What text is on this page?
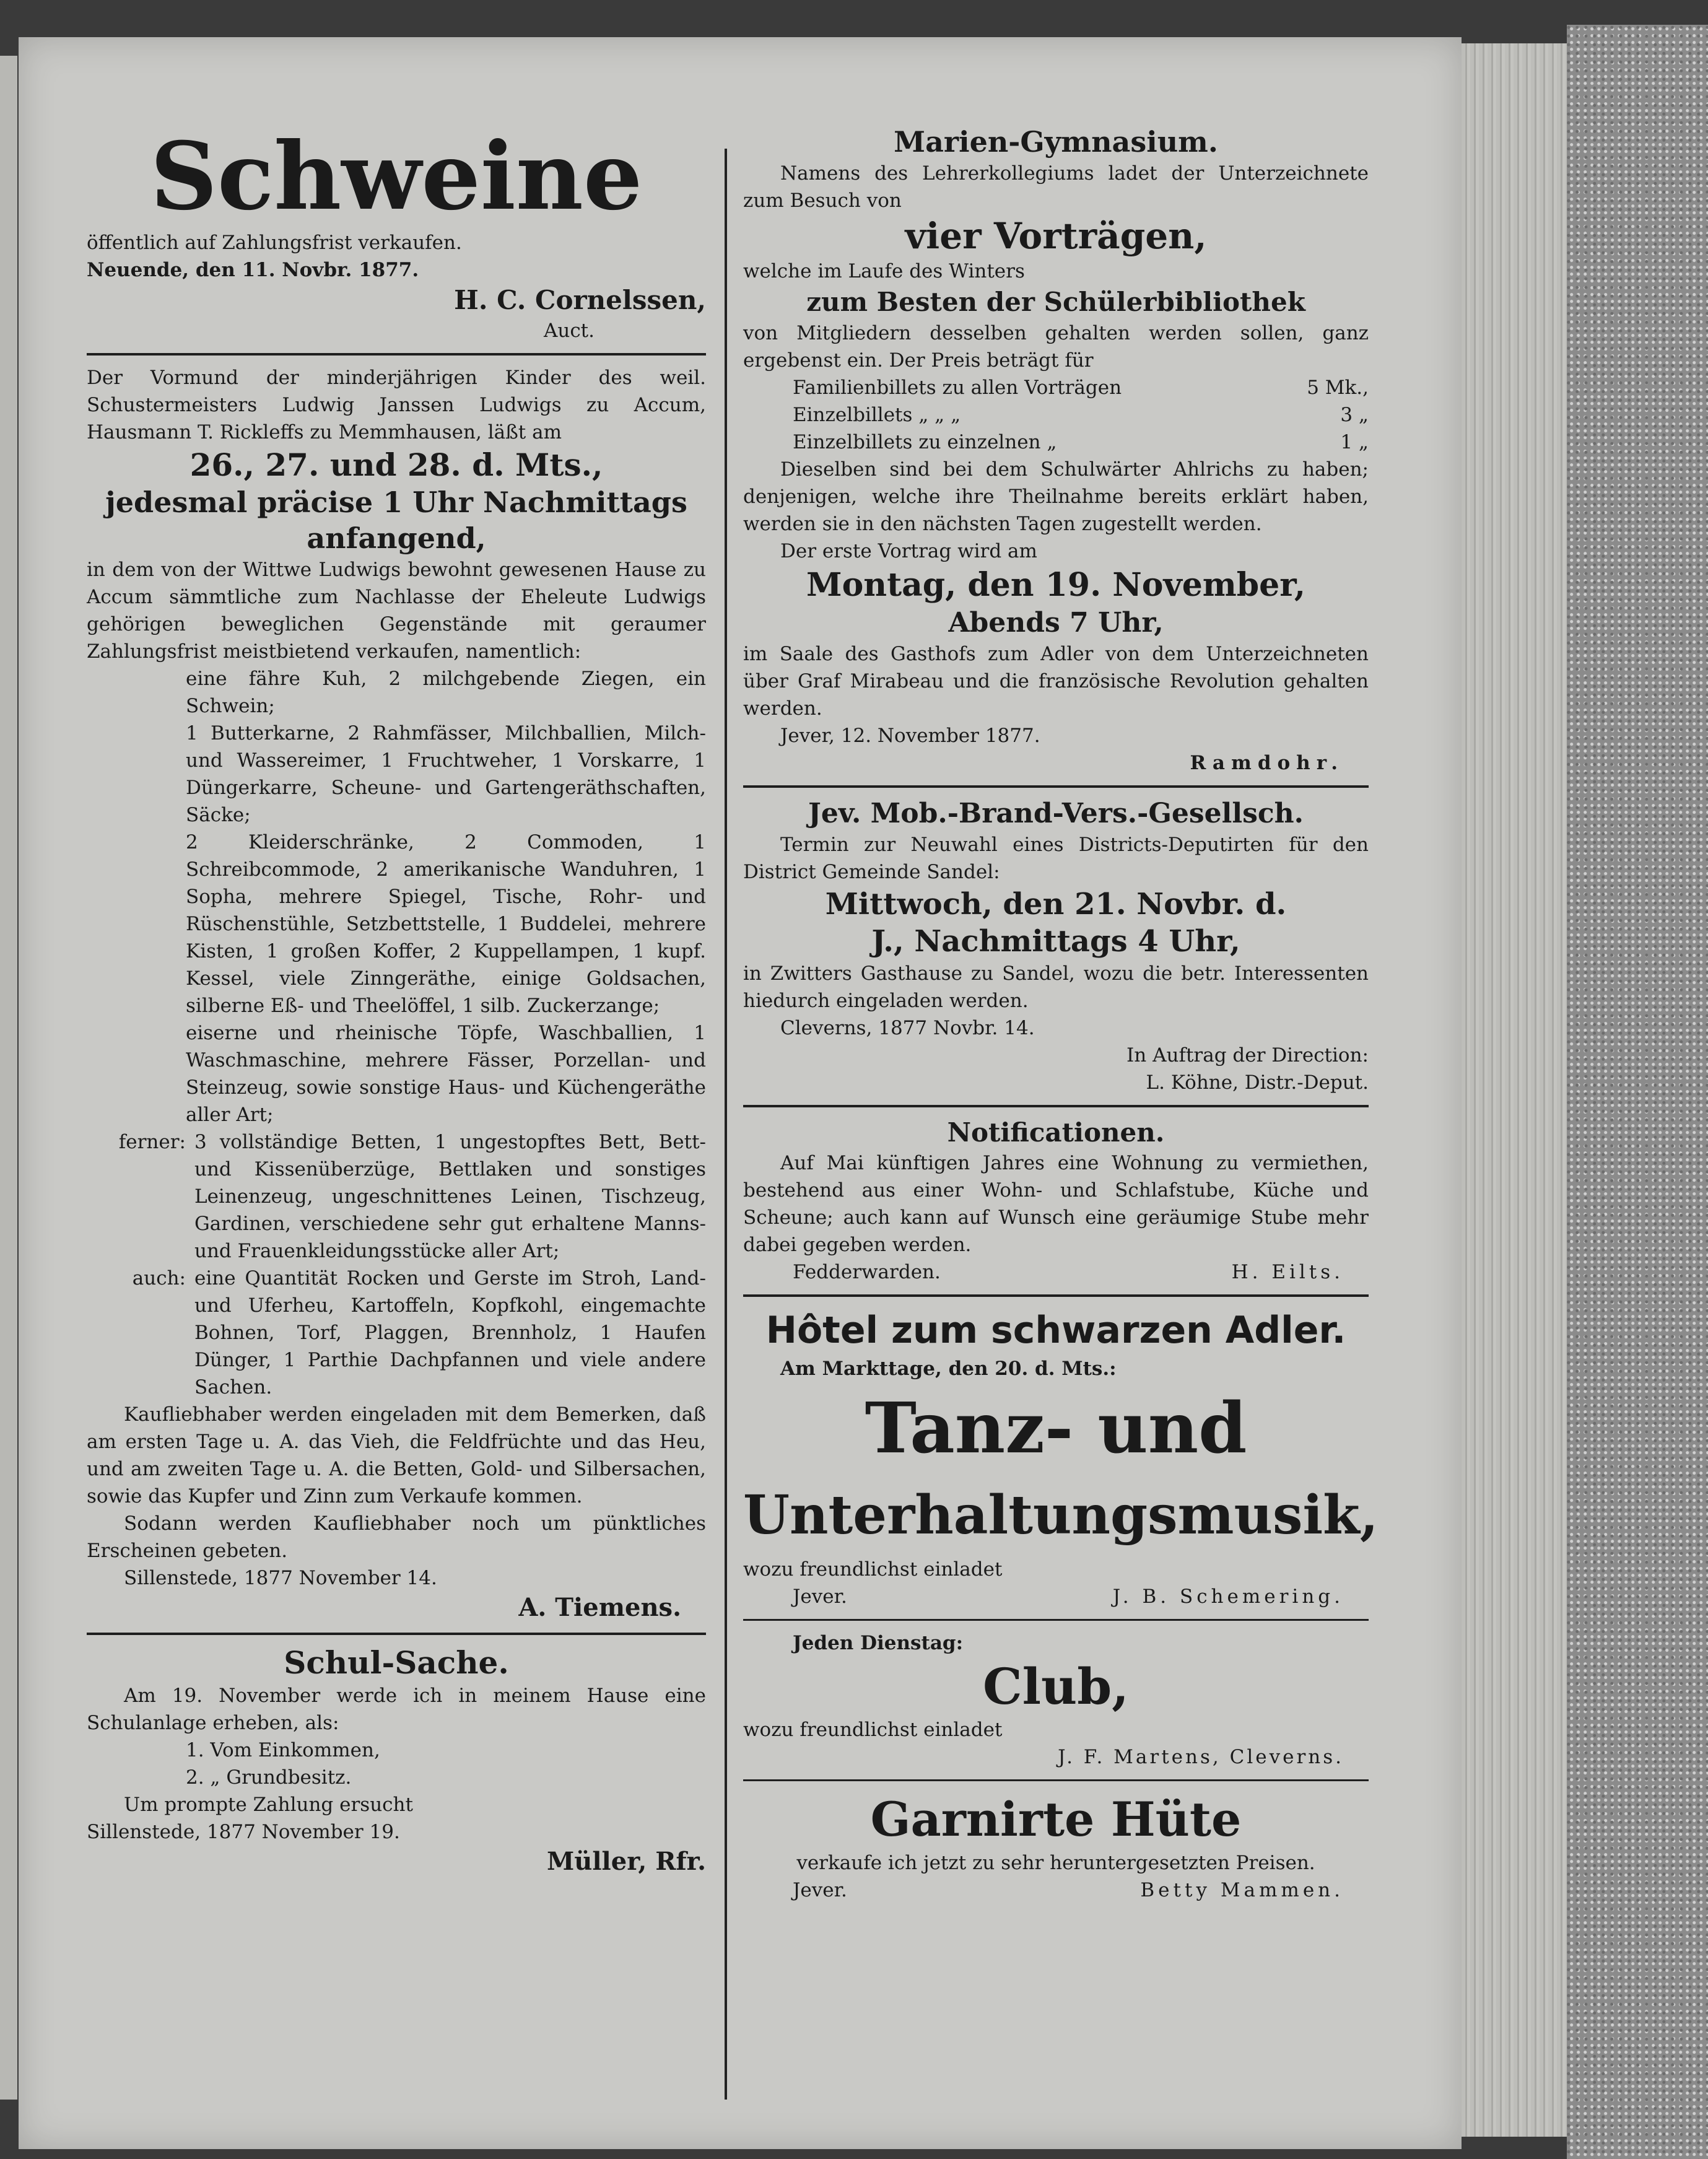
Schweine

öffentlich auf Zahlungsfrist verkaufen.

Neuende, den 11. Novbr. 1877.

H. C. Cornelssen,

Auct.

Der Vormund der minderjährigen Kinder des weil. Schustermeisters Ludwig Janssen Ludwigs zu Accum, Hausmann T. Rickleffs zu Memmhausen, läßt am

26., 27. und 28. d. Mts.,

jedesmal präcise 1 Uhr Nachmittags

anfangend,

in dem von der Wittwe Ludwigs bewohnt gewesenen Hause zu Accum sämmtliche zum Nachlasse der Eheleute Ludwigs gehörigen beweglichen Gegenstände mit geraumer Zahlungsfrist meistbietend verkaufen, namentlich:

eine fähre Kuh, 2 milchgebende Ziegen, ein Schwein;

1 Butterkarne, 2 Rahmfässer, Milchballien, Milch- und Wassereimer, 1 Fruchtweher, 1 Vorskarre, 1 Düngerkarre, Scheune- und Gartengeräthschaften, Säcke;

2 Kleiderschränke, 2 Commoden, 1 Schreibcommode, 2 amerikanische Wanduhren, 1 Sopha, mehrere Spiegel, Tische, Rohr- und Rüschenstühle, Setzbettstelle, 1 Buddelei, mehrere Kisten, 1 großen Koffer, 2 Kuppellampen, 1 kupf. Kessel, viele Zinngeräthe, einige Goldsachen, silberne Eß- und Theelöffel, 1 silb. Zuckerzange;

eiserne und rheinische Töpfe, Waschballien, 1 Waschmaschine, mehrere Fässer, Porzellan- und Steinzeug, sowie sonstige Haus- und Küchengeräthe aller Art;

ferner: 3 vollständige Betten, 1 ungestopftes Bett, Bett- und Kissenüberzüge, Bettlaken und sonstiges Leinenzeug, ungeschnittenes Leinen, Tischzeug, Gardinen, verschiedene sehr gut erhaltene Manns- und Frauenkleidungsstücke aller Art;
auch: eine Quantität Rocken und Gerste im Stroh, Land- und Uferheu, Kartoffeln, Kopfkohl, eingemachte Bohnen, Torf, Plaggen, Brennholz, 1 Haufen Dünger, 1 Parthie Dachpfannen und viele andere Sachen.

Kaufliebhaber werden eingeladen mit dem Bemerken, daß am ersten Tage u. A. das Vieh, die Feldfrüchte und das Heu, und am zweiten Tage u. A. die Betten, Gold- und Silbersachen, sowie das Kupfer und Zinn zum Verkaufe kommen.

Sodann werden Kaufliebhaber noch um pünktliches Erscheinen gebeten.

Sillenstede, 1877 November 14.

A. Tiemens.

Schul-Sache.

Am 19. November werde ich in meinem Hause eine Schulanlage erheben, als:

1. Vom Einkommen,

2. „ Grundbesitz.

Um prompte Zahlung ersucht

Sillenstede, 1877 November 19.

Müller, Rfr.

Marien-Gymnasium.

Namens des Lehrerkollegiums ladet der Unterzeichnete zum Besuch von

vier Vorträgen,

welche im Laufe des Winters

zum Besten der Schülerbibliothek

von Mitgliedern desselben gehalten werden sollen, ganz ergebenst ein. Der Preis beträgt für

Familienbillets zu allen Vorträgen	5 Mk.,
Einzelbillets „ „ „	3 „
Einzelbillets zu einzelnen „	1 „

Dieselben sind bei dem Schulwärter Ahlrichs zu haben; denjenigen, welche ihre Theilnahme bereits erklärt haben, werden sie in den nächsten Tagen zugestellt werden.

Der erste Vortrag wird am

Montag, den 19. November,

Abends 7 Uhr,

im Saale des Gasthofs zum Adler von dem Unterzeichneten über Graf Mirabeau und die französische Revolution gehalten werden.

Jever, 12. November 1877.

Ramdohr.

Jev. Mob.-Brand-Vers.-Gesellsch.

Termin zur Neuwahl eines Districts-Deputirten für den District Gemeinde Sandel:

Mittwoch, den 21. Novbr. d.

J., Nachmittags 4 Uhr,

in Zwitters Gasthause zu Sandel, wozu die betr. Interessenten hiedurch eingeladen werden.

Cleverns, 1877 Novbr. 14.

In Auftrag der Direction:

L. Köhne, Distr.-Deput.

Notificationen.

Auf Mai künftigen Jahres eine Wohnung zu vermiethen, bestehend aus einer Wohn- und Schlafstube, Küche und Scheune; auch kann auf Wunsch eine geräumige Stube mehr dabei gegeben werden.

Fedderwarden.	H. Eilts.

Hôtel zum schwarzen Adler.

Am Markttage, den 20. d. Mts.:

Tanz- und

Unterhaltungsmusik,

wozu freundlichst einladet

Jever.	J. B. Schemering.

Jeden Dienstag:

Club,

wozu freundlichst einladet

J. F. Martens, Cleverns.

Garnirte Hüte

verkaufe ich jetzt zu sehr heruntergesetzten Preisen.

Jever.	Betty Mammen.
